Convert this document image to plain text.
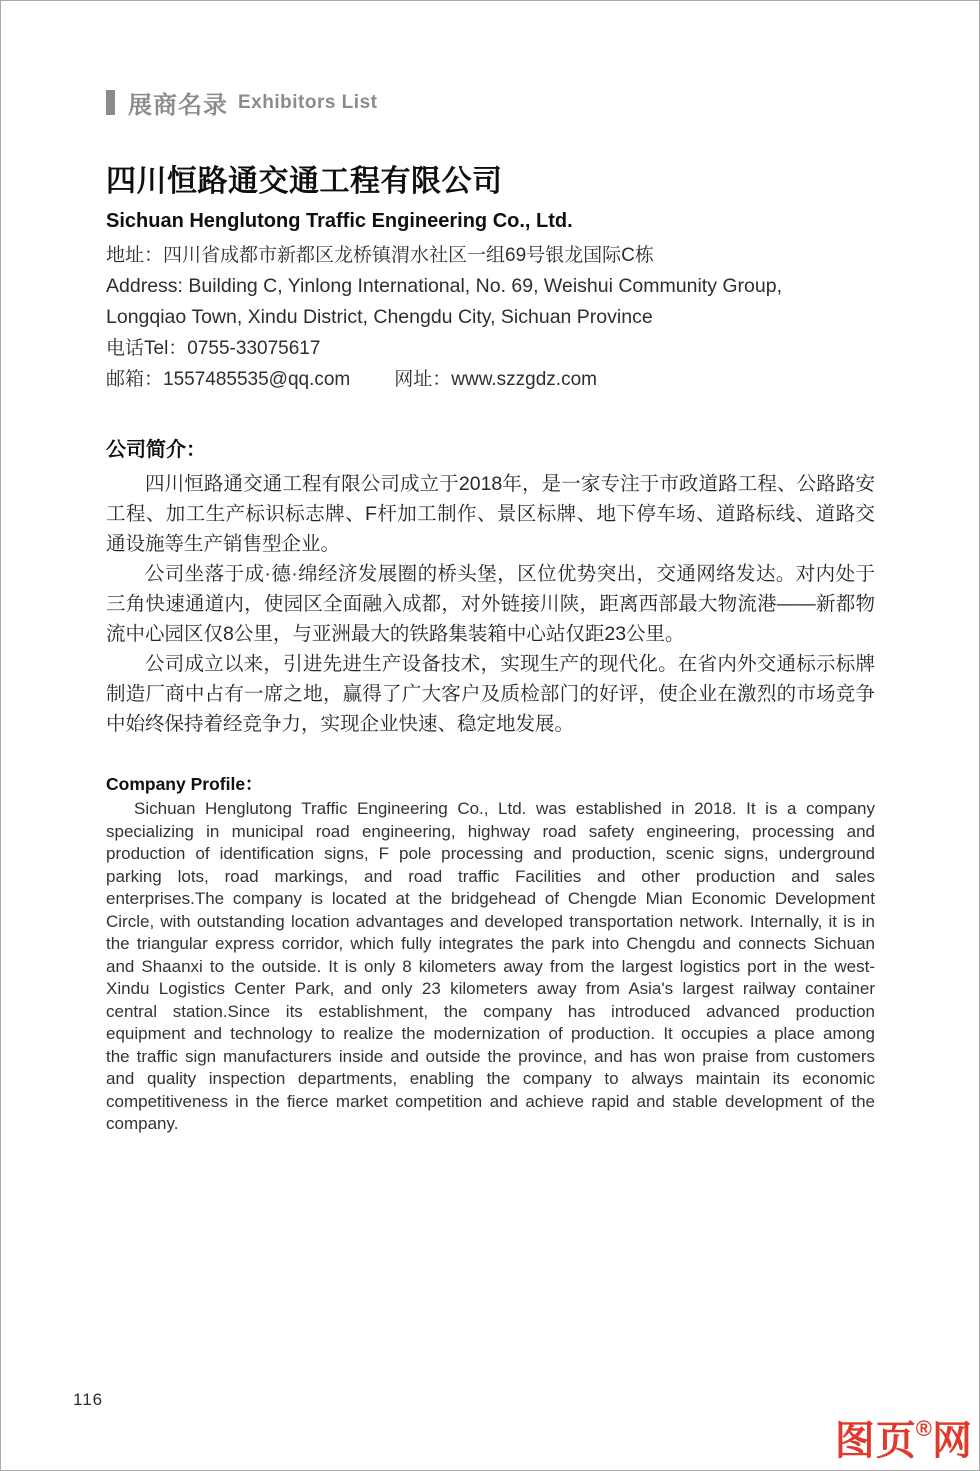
展商名录 Exhibitors List
四川恒路通交通工程有限公司
Sichuan Henglutong Traffic Engineering Co., Ltd.
地址：四川省成都市新都区龙桥镇渭水社区一组69号银龙国际C栋
Address: Building C, Yinlong International, No. 69, Weishui Community Group,
Longqiao Town, Xindu District, Chengdu City, Sichuan Province
电话Tel：0755-33075617
邮箱：1557485535@qq.com 网址：www.szzgdz.com
公司简介：

四川恒路通交通工程有限公司成立于2018年，是一家专注于市政道路工程、公路路安工程、加工生产标识标志牌、F杆加工制作、景区标牌、地下停车场、道路标线、道路交通设施等生产销售型企业。

公司坐落于成·德·绵经济发展圈的桥头堡，区位优势突出，交通网络发达。对内处于三角快速通道内，使园区全面融入成都，对外链接川陕，距离西部最大物流港——新都物流中心园区仅8公里，与亚洲最大的铁路集装箱中心站仅距23公里。

公司成立以来，引进先进生产设备技术，实现生产的现代化。在省内外交通标示标牌制造厂商中占有一席之地，赢得了广大客户及质检部门的好评，使企业在激烈的市场竞争中始终保持着经竞争力，实现企业快速、稳定地发展。

Company Profile：

Sichuan Henglutong Traffic Engineering Co., Ltd. was established in 2018. It is a company specializing in municipal road engineering, highway road safety engineering, processing and production of identification signs, F pole processing and production, scenic signs, underground parking lots, road markings, and road traffic Facilities and other production and sales enterprises.The company is located at the bridgehead of Chengde Mian Economic Development Circle, with outstanding location advantages and developed transportation network. Internally, it is in the triangular express corridor, which fully integrates the park into Chengdu and connects Sichuan and Shaanxi to the outside. It is only 8 kilometers away from the largest logistics port in the west-Xindu Logistics Center Park, and only 23 kilometers away from Asia's largest railway container central station.Since its establishment, the company has introduced advanced production equipment and technology to realize the modernization of production. It occupies a place among the traffic sign manufacturers inside and outside the province, and has won praise from customers and quality inspection departments, enabling the company to always maintain its economic competitiveness in the fierce market competition and achieve rapid and stable development of the company.

116
图页®网
